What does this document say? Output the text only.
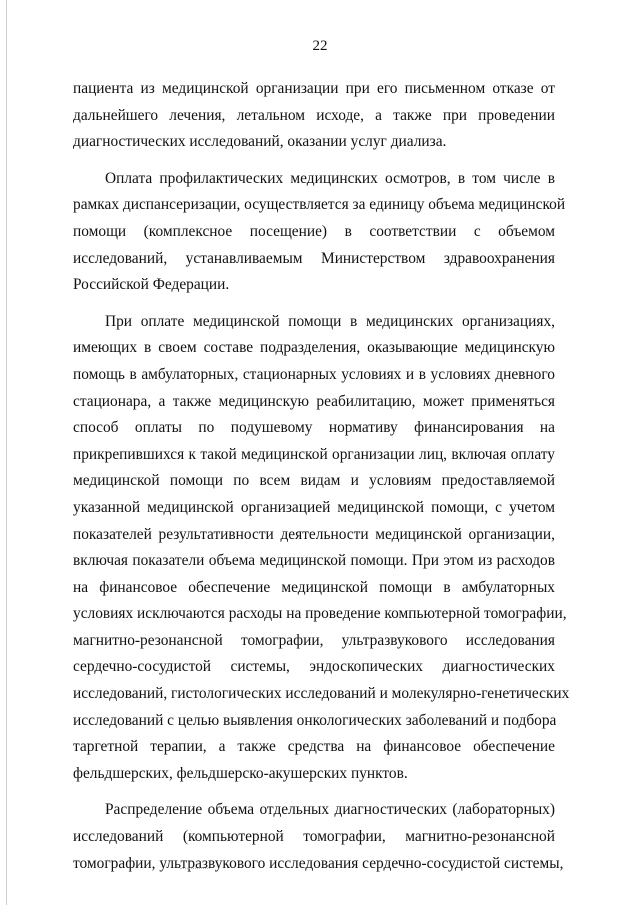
22
пациента из медицинской организации при его письменном отказе от
дальнейшего лечения, летальном исходе, а также при проведении
диагностических исследований, оказании услуг диализа.
Оплата профилактических медицинских осмотров, в том числе в
рамках диспансеризации, осуществляется за единицу объема медицинской
помощи (комплексное посещение) в соответствии с объемом
исследований, устанавливаемым Министерством здравоохранения
Российской Федерации.
При оплате медицинской помощи в медицинских организациях,
имеющих в своем составе подразделения, оказывающие медицинскую
помощь в амбулаторных, стационарных условиях и в условиях дневного
стационара, а также медицинскую реабилитацию, может применяться
способ оплаты по подушевому нормативу финансирования на
прикрепившихся к такой медицинской организации лиц, включая оплату
медицинской помощи по всем видам и условиям предоставляемой
указанной медицинской организацией медицинской помощи, с учетом
показателей результативности деятельности медицинской организации,
включая показатели объема медицинской помощи. При этом из расходов
на финансовое обеспечение медицинской помощи в амбулаторных
условиях исключаются расходы на проведение компьютерной томографии,
магнитно-резонансной томографии, ультразвукового исследования
сердечно-сосудистой системы, эндоскопических диагностических
исследований, гистологических исследований и молекулярно-генетических
исследований с целью выявления онкологических заболеваний и подбора
таргетной терапии, а также средства на финансовое обеспечение
фельдшерских, фельдшерско-акушерских пунктов.
Распределение объема отдельных диагностических (лабораторных)
исследований (компьютерной томографии, магнитно-резонансной
томографии, ультразвукового исследования сердечно-сосудистой системы,
